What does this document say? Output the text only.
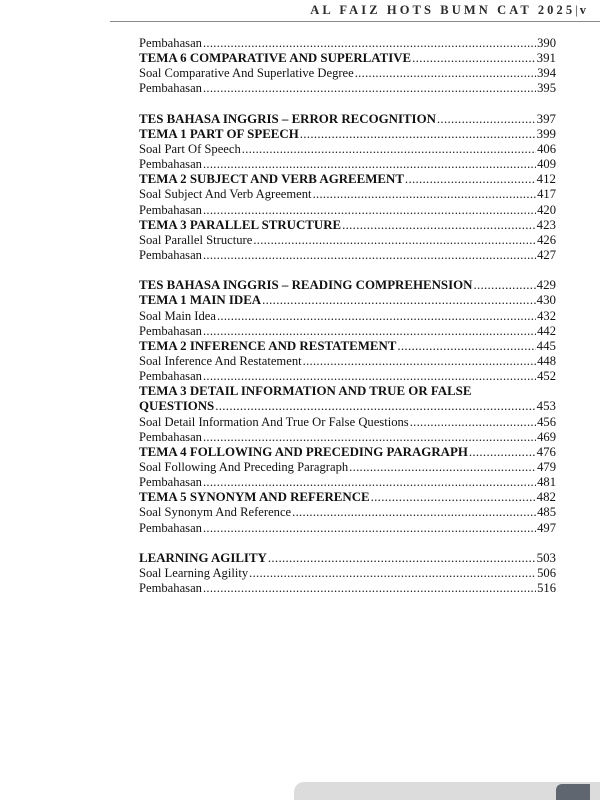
AL FAIZ HOTS BUMN CAT 2025| v
Pembahasan .....	390
TEMA 6 COMPARATIVE AND SUPERLATIVE .....	391
Soal Comparative And Superlative Degree .....	394
Pembahasan .....	395
TES BAHASA INGGRIS – ERROR RECOGNITION .....	397
TEMA 1 PART OF SPEECH .....	399
Soal Part Of Speech .....	406
Pembahasan .....	409
TEMA 2 SUBJECT AND VERB AGREEMENT .....	412
Soal Subject And Verb Agreement .....	417
Pembahasan .....	420
TEMA 3 PARALLEL STRUCTURE .....	423
Soal Parallel Structure .....	426
Pembahasan .....	427
TES BAHASA INGGRIS – READING COMPREHENSION .....	429
TEMA 1 MAIN IDEA .....	430
Soal Main Idea .....	432
Pembahasan .....	442
TEMA 2 INFERENCE AND RESTATEMENT .....	445
Soal Inference And Restatement .....	448
Pembahasan .....	452
TEMA 3 DETAIL INFORMATION AND TRUE OR FALSE
QUESTIONS .....	453
Soal Detail Information And True Or False Questions .....	456
Pembahasan .....	469
TEMA 4 FOLLOWING AND PRECEDING PARAGRAPH .....	476
Soal Following And Preceding Paragraph .....	479
Pembahasan .....	481
TEMA 5 SYNONYM AND REFERENCE .....	482
Soal Synonym And Reference .....	485
Pembahasan .....	497
LEARNING AGILITY .....	503
Soal Learning Agility .....	506
Pembahasan .....	516
